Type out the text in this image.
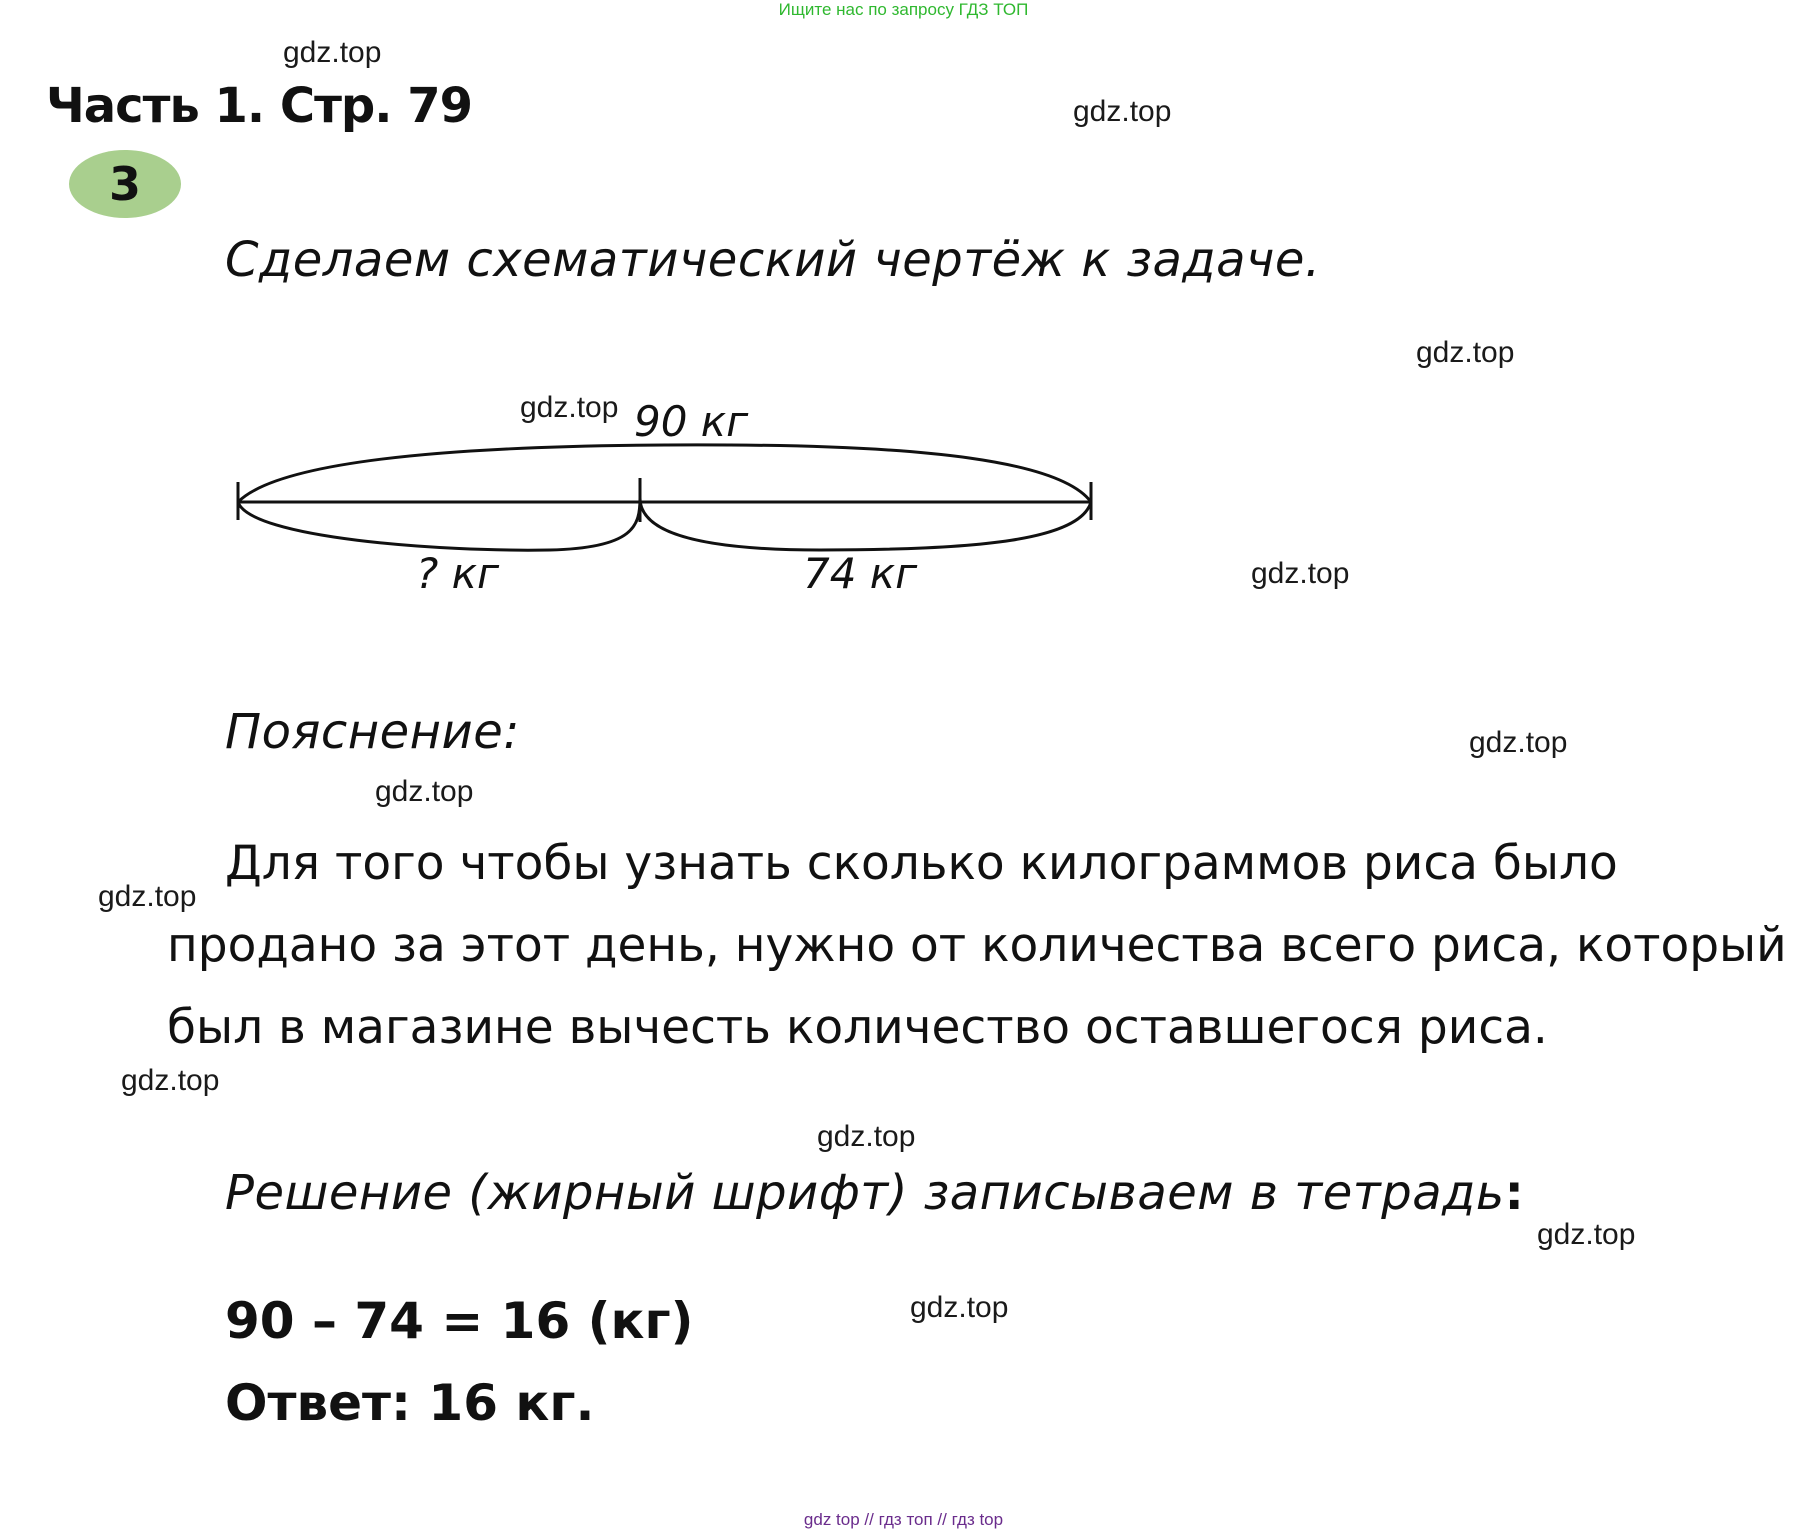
Ищите нас по запросу ГДЗ ТОП
gdz.top
gdz.top
gdz.top
gdz.top
gdz.top
gdz.top
gdz.top
gdz.top
gdz.top
gdz.top
gdz.top
gdz.top
Часть 1. Стр. 79
3
Сделаем схематический чертёж к задаче.
90 кг
? кг	74 кг
Пояснение:
Для того чтобы узнать сколько килограммов риса было
продано за этот день, нужно от количества всего риса, который
был в магазине вычесть количество оставшегося риса.
Решение (жирный шрифт) записываем в тетрадь:
90 – 74 = 16 (кг)
Ответ: 16 кг.
gdz top // гдз топ // гдз top
